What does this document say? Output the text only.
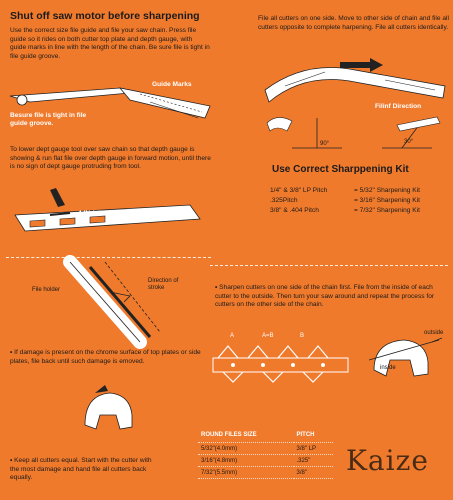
Shut off saw motor before sharpening
Use the correct size file guide and file your saw chain. Press file guide so it rides on both cutter top plate and depth gauge, with guide marks in line with the length of the chain. Be sure file is tight in file guide groove.
Guide Marks
Besure file is tight in file guide groove.
To lower dept gauge tool over saw chain so that depth gauge is showing & run flat file over depth gauge in forward motion, until there is no sign of dept gauge protruding from tool.
4 IN 1 SHARP GAUGE
File holder
Direction of stroke
• If damage is present on the chrome surface of top plates or side plates, file back until such damage is emoved.
• Keep all cutters equal. Start with the cutter with the most damage and hand file all cutters back equally.
File all cutters on one side. Move to other side of chain and file all cutters opposite to complete harpening. File all cutters identically.
Filinf Direction
90°	30°
Use Correct Sharppening Kit
1/4" & 3/8" LP Pitch	= 5/32" Sharpening Kit
.325Pitch	= 3/16" Sharpening Kit
3/8" & .404 Pitch	= 7/32" Sharpening Kit
• Sharpen cutters on one side of the chain first. File from the inside of each cutter to the outside. Then turn your saw around and repeat the process for cutters on the other side of the chain.
A	A=B	B	outside
inside
ROUND FILES SIZE	PITCH
5/32"(4.0mm)	3/8" LP
3/16"(4.8mm)	.325"
7/32"(5.5mm)	3/8" Kaize
